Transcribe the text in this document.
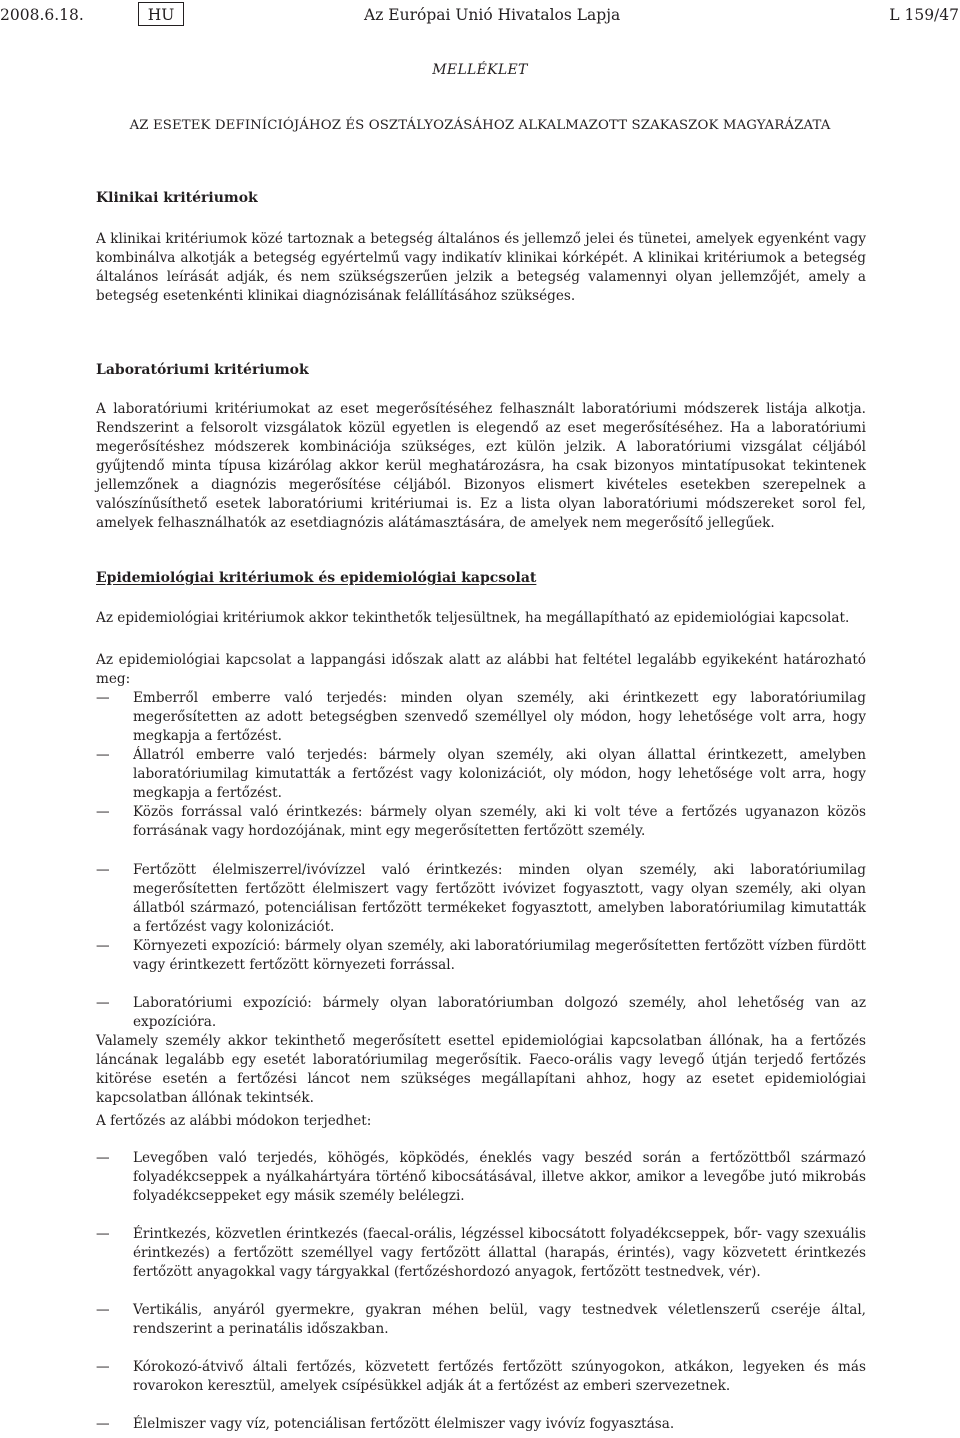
2008.6.18.	HU	Az Európai Unió Hivatalos Lapja	L 159/47
MELLÉKLET
AZ ESETEK DEFINÍCIÓJÁHOZ ÉS OSZTÁLYOZÁSÁHOZ ALKALMAZOTT SZAKASZOK MAGYARÁZATA
Klinikai kritériumok

A klinikai kritériumok közé tartoznak a betegség általános és jellemző jelei és tünetei, amelyek egyenként vagy kombinálva alkotják a betegség egyértelmű vagy indikatív klinikai kórképét. A klinikai kritériumok a betegség általános leírását adják, és nem szükségszerűen jelzik a betegség valamennyi olyan jellemzőjét, amely a betegség esetenkénti klinikai diagnózisának felállításához szükséges.

Laboratóriumi kritériumok

A laboratóriumi kritériumokat az eset megerősítéséhez felhasznált laboratóriumi módszerek listája alkotja. Rendszerint a felsorolt vizsgálatok közül egyetlen is elegendő az eset megerősítéséhez. Ha a laboratóriumi megerősítéshez módszerek kombinációja szükséges, ezt külön jelzik. A laboratóriumi vizsgálat céljából gyűjtendő minta típusa kizárólag akkor kerül meghatározásra, ha csak bizonyos mintatípusokat tekintenek jellemzőnek a diagnózis megerősítése céljából. Bizonyos elismert kivételes esetekben szerepelnek a valószínűsíthető esetek laboratóriumi kritériumai is. Ez a lista olyan laboratóriumi módszereket sorol fel, amelyek felhasználhatók az esetdiagnózis alátámasztására, de amelyek nem megerősítő jellegűek.

Epidemiológiai kritériumok és epidemiológiai kapcsolat

Az epidemiológiai kritériumok akkor tekinthetők teljesültnek, ha megállapítható az epidemiológiai kapcsolat.

Az epidemiológiai kapcsolat a lappangási időszak alatt az alábbi hat feltétel legalább egyikeként határozható meg:

— Emberről emberre való terjedés: minden olyan személy, aki érintkezett egy laboratóriumilag megerősítetten az adott betegségben szenvedő személlyel oly módon, hogy lehetősége volt arra, hogy megkapja a fertőzést.
— Állatról emberre való terjedés: bármely olyan személy, aki olyan állattal érintkezett, amelyben laboratóriumilag kimutatták a fertőzést vagy kolonizációt, oly módon, hogy lehetősége volt arra, hogy megkapja a fertőzést.
— Közös forrással való érintkezés: bármely olyan személy, aki ki volt téve a fertőzés ugyanazon közös forrásának vagy hordozójának, mint egy megerősítetten fertőzött személy.
— Fertőzött élelmiszerrel/ivóvízzel való érintkezés: minden olyan személy, aki laboratóriumilag megerősítetten fertőzött élelmiszert vagy fertőzött ivóvizet fogyasztott, vagy olyan személy, aki olyan állatból származó, potenciálisan fertőzött termékeket fogyasztott, amelyben laboratóriumilag kimutatták a fertőzést vagy kolonizációt.
— Környezeti expozíció: bármely olyan személy, aki laboratóriumilag megerősítetten fertőzött vízben fürdött vagy érintkezett fertőzött környezeti forrással.
— Laboratóriumi expozíció: bármely olyan laboratóriumban dolgozó személy, ahol lehetőség van az expozícióra.

Valamely személy akkor tekinthető megerősített esettel epidemiológiai kapcsolatban állónak, ha a fertőzés láncának legalább egy esetét laboratóriumilag megerősítik. Faeco-orális vagy levegő útján terjedő fertőzés kitörése esetén a fertőzési láncot nem szükséges megállapítani ahhoz, hogy az esetet epidemiológiai kapcsolatban állónak tekintsék.

A fertőzés az alábbi módokon terjedhet:

— Levegőben való terjedés, köhögés, köpködés, éneklés vagy beszéd során a fertőzöttből származó folyadékcseppek a nyálkahártyára történő kibocsátásával, illetve akkor, amikor a levegőbe jutó mikrobás folyadékcseppeket egy másik személy belélegzi.
— Érintkezés, közvetlen érintkezés (faecal-orális, légzéssel kibocsátott folyadékcseppek, bőr- vagy szexuális érintkezés) a fertőzött személlyel vagy fertőzött állattal (harapás, érintés), vagy közvetett érintkezés fertőzött anyagokkal vagy tárgyakkal (fertőzéshordozó anyagok, fertőzött testnedvek, vér).
— Vertikális, anyáról gyermekre, gyakran méhen belül, vagy testnedvek véletlenszerű cseréje által, rendszerint a perinatális időszakban.
— Kórokozó-átvivő általi fertőzés, közvetett fertőzés fertőzött szúnyogokon, atkákon, legyeken és más rovarokon keresztül, amelyek csípésükkel adják át a fertőzést az emberi szervezetnek.
— Élelmiszer vagy víz, potenciálisan fertőzött élelmiszer vagy ivóvíz fogyasztása.
